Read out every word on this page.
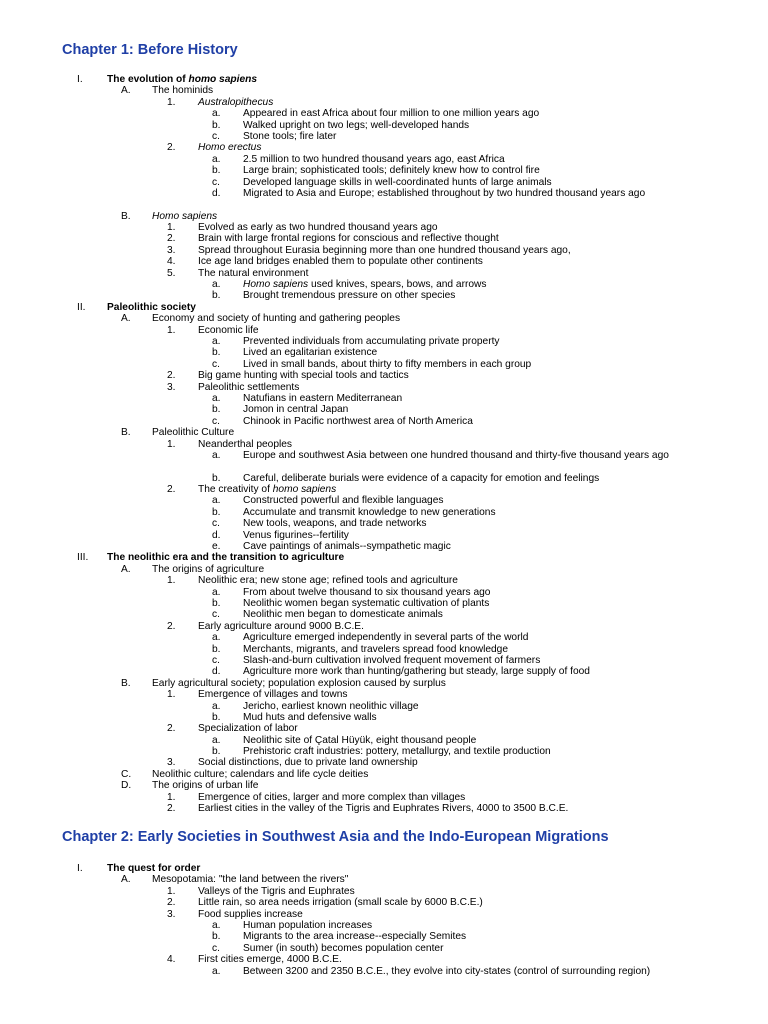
Chapter 1: Before History
I.	The evolution of homo sapiens
A.	The hominids
1.	Australopithecus
a.	Appeared in east Africa about four million to one million years ago
b.	Walked upright on two legs; well-developed hands
c.	Stone tools; fire later
2.	Homo erectus
a.	2.5 million to two hundred thousand years ago, east Africa
b.	Large brain; sophisticated tools; definitely knew how to control fire
c.	Developed language skills in well-coordinated hunts of large animals
d.	Migrated to Asia and Europe; established throughout by two hundred thousand years ago
B.	Homo sapiens
1.	Evolved as early as two hundred thousand years ago
2.	Brain with large frontal regions for conscious and reflective thought
3.	Spread throughout Eurasia beginning more than one hundred thousand years ago,
4.	Ice age land bridges enabled them to populate other continents
5.	The natural environment
a.	Homo sapiens used knives, spears, bows, and arrows
b.	Brought tremendous pressure on other species
II.	Paleolithic society
A.	Economy and society of hunting and gathering peoples
1.	Economic life
a.	Prevented individuals from accumulating private property
b.	Lived an egalitarian existence
c.	Lived in small bands, about thirty to fifty members in each group
2.	Big game hunting with special tools and tactics
3.	Paleolithic settlements
a.	Natufians in eastern Mediterranean
b.	Jomon in central Japan
c.	Chinook in Pacific northwest area of North America
B.	Paleolithic Culture
1.	Neanderthal peoples
a.	Europe and southwest Asia between one hundred thousand and thirty-five thousand years ago
b.	Careful, deliberate burials were evidence of a capacity for emotion and feelings
2.	The creativity of homo sapiens
a.	Constructed powerful and flexible languages
b.	Accumulate and transmit knowledge to new generations
c.	New tools, weapons, and trade networks
d.	Venus figurines--fertility
e.	Cave paintings of animals--sympathetic magic
III.	The neolithic era and the transition to agriculture
A.	The origins of agriculture
1.	Neolithic era; new stone age; refined tools and agriculture
a.	From about twelve thousand to six thousand years ago
b.	Neolithic women began systematic cultivation of plants
c.	Neolithic men began to domesticate animals
2.	Early agriculture around 9000 B.C.E.
a.	Agriculture emerged independently in several parts of the world
b.	Merchants, migrants, and travelers spread food knowledge
c.	Slash-and-burn cultivation involved frequent movement of farmers
d.	Agriculture more work than hunting/gathering but steady, large supply of food
B.	Early agricultural society; population explosion caused by surplus
1.	Emergence of villages and towns
a.	Jericho, earliest known neolithic village
b.	Mud huts and defensive walls
2.	Specialization of labor
a.	Neolithic site of Çatal Hüyük, eight thousand people
b.	Prehistoric craft industries: pottery, metallurgy, and textile production
3.	Social distinctions, due to private land ownership
C.	Neolithic culture; calendars and life cycle deities
D.	The origins of urban life
1.	Emergence of cities, larger and more complex than villages
2.	Earliest cities in the valley of the Tigris and Euphrates Rivers, 4000 to 3500 B.C.E.
Chapter 2: Early Societies in Southwest Asia and the Indo-European Migrations
I.	The quest for order
A.	Mesopotamia: "the land between the rivers"
1.	Valleys of the Tigris and Euphrates
2.	Little rain, so area needs irrigation (small scale by 6000 B.C.E.)
3.	Food supplies increase
a.	Human population increases
b.	Migrants to the area increase--especially Semites
c.	Sumer (in south) becomes population center
4.	First cities emerge, 4000 B.C.E.
a.	Between 3200 and 2350 B.C.E., they evolve into city-states (control of surrounding region)
